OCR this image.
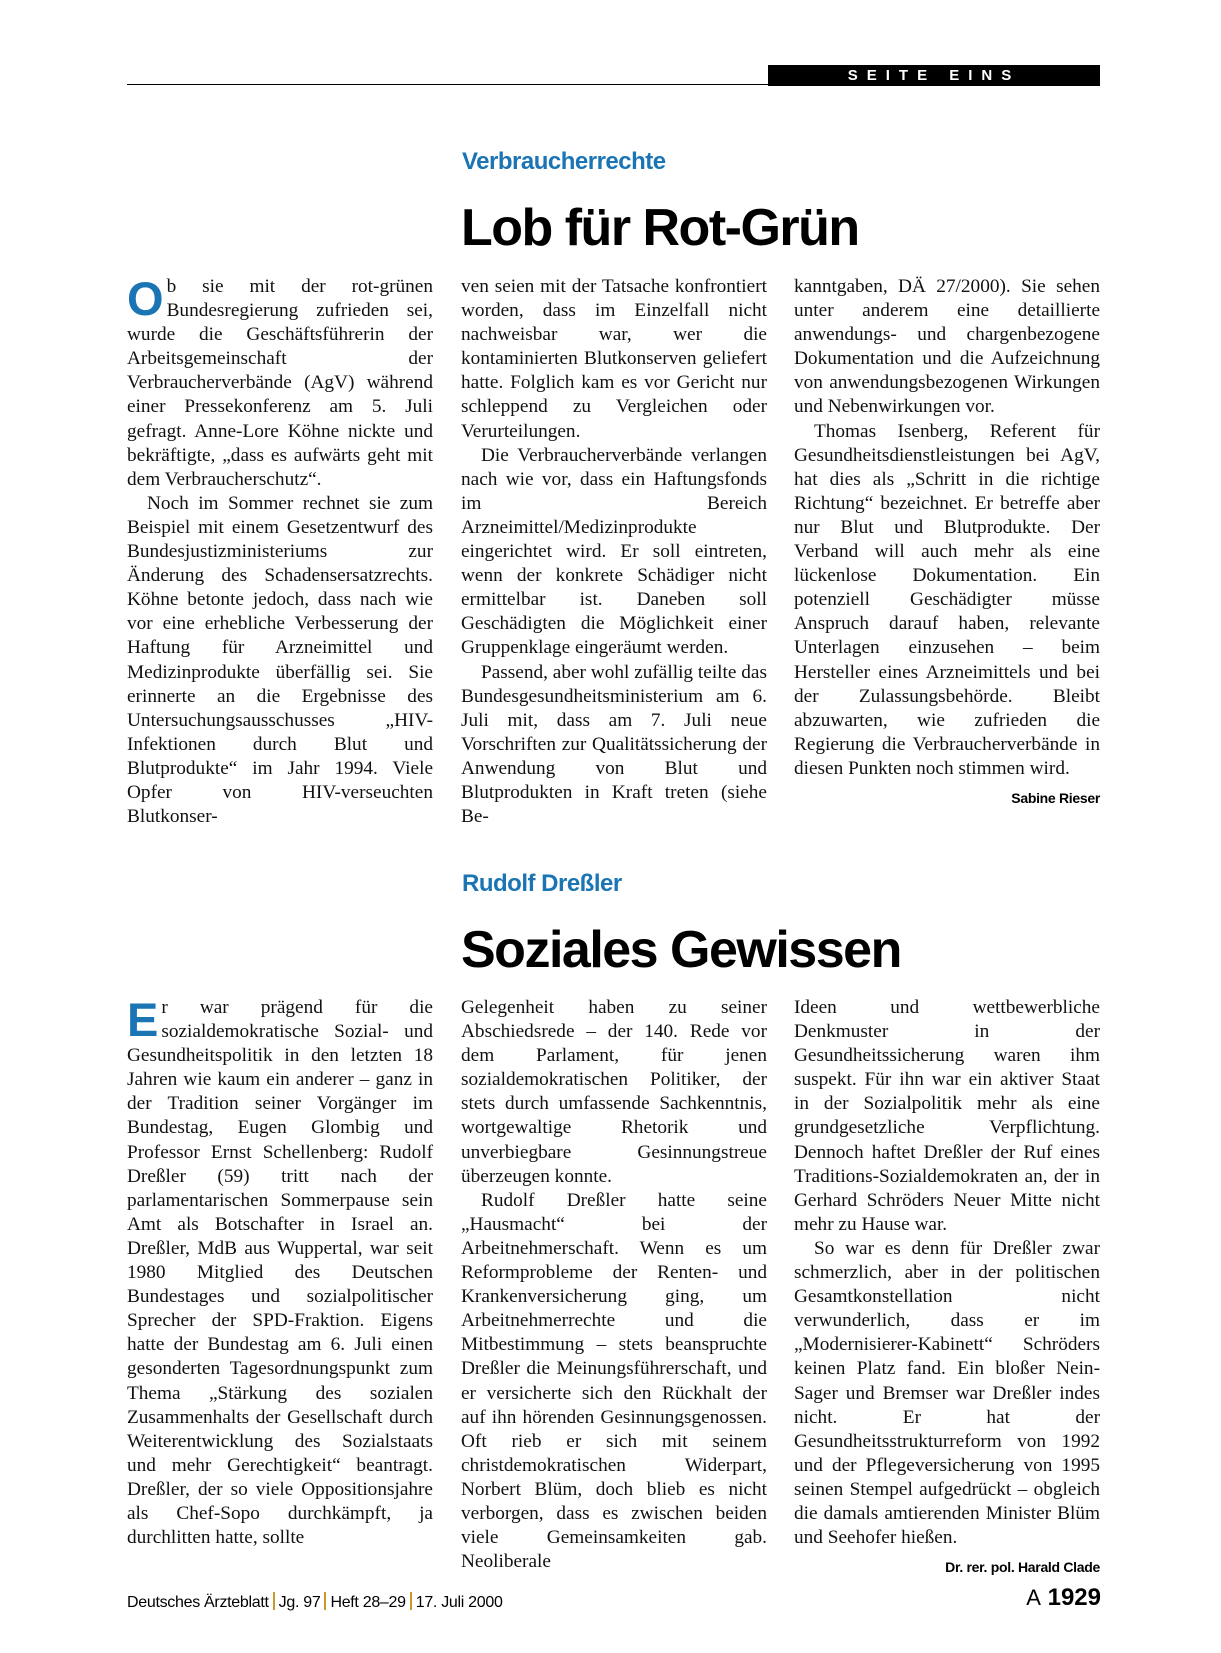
SEITE EINS
Verbraucherrechte
Lob für Rot-Grün

Ob sie mit der rot-grünen Bundesregierung zufrieden sei, wurde die Geschäftsführerin der Arbeitsgemeinschaft der Verbraucherverbände (AgV) während einer Pressekonferenz am 5. Juli gefragt. Anne-Lore Köhne nickte und bekräftigte, „dass es aufwärts geht mit dem Verbraucherschutz“.

Noch im Sommer rechnet sie zum Beispiel mit einem Gesetzentwurf des Bundesjustizministeriums zur Änderung des Schadensersatzrechts. Köhne betonte jedoch, dass nach wie vor eine erhebliche Verbesserung der Haftung für Arzneimittel und Medizinprodukte überfällig sei. Sie erinnerte an die Ergebnisse des Untersuchungsausschusses „HIV-Infektionen durch Blut und Blutprodukte“ im Jahr 1994. Viele Opfer von HIV-verseuchten Blutkonser-

ven seien mit der Tatsache konfrontiert worden, dass im Einzelfall nicht nachweisbar war, wer die kontaminierten Blutkonserven geliefert hatte. Folglich kam es vor Gericht nur schleppend zu Vergleichen oder Verurteilungen.

Die Verbraucherverbände verlangen nach wie vor, dass ein Haftungsfonds im Bereich Arzneimittel/Medizinprodukte eingerichtet wird. Er soll eintreten, wenn der konkrete Schädiger nicht ermittelbar ist. Daneben soll Geschädigten die Möglichkeit einer Gruppenklage eingeräumt werden.

Passend, aber wohl zufällig teilte das Bundesgesundheitsministerium am 6. Juli mit, dass am 7. Juli neue Vorschriften zur Qualitätssicherung der Anwendung von Blut und Blutprodukten in Kraft treten (siehe Be-

kanntgaben, DÄ 27/2000). Sie sehen unter anderem eine detaillierte anwendungs- und chargenbezogene Dokumentation und die Aufzeichnung von anwendungsbezogenen Wirkungen und Nebenwirkungen vor.

Thomas Isenberg, Referent für Gesundheitsdienstleistungen bei AgV, hat dies als „Schritt in die richtige Richtung“ bezeichnet. Er betreffe aber nur Blut und Blutprodukte. Der Verband will auch mehr als eine lückenlose Dokumentation. Ein potenziell Geschädigter müsse Anspruch darauf haben, relevante Unterlagen einzusehen – beim Hersteller eines Arzneimittels und bei der Zulassungsbehörde. Bleibt abzuwarten, wie zufrieden die Regierung die Verbraucherverbände in diesen Punkten noch stimmen wird.
Sabine Rieser

Rudolf Dreßler
Soziales Gewissen

Er war prägend für die sozialdemokratische Sozial- und Gesundheitspolitik in den letzten 18 Jahren wie kaum ein anderer – ganz in der Tradition seiner Vorgänger im Bundestag, Eugen Glombig und Professor Ernst Schellenberg: Rudolf Dreßler (59) tritt nach der parlamentarischen Sommerpause sein Amt als Botschafter in Israel an. Dreßler, MdB aus Wuppertal, war seit 1980 Mitglied des Deutschen Bundestages und sozialpolitischer Sprecher der SPD-Fraktion. Eigens hatte der Bundestag am 6. Juli einen gesonderten Tagesordnungspunkt zum Thema „Stärkung des sozialen Zusammenhalts der Gesellschaft durch Weiterentwicklung des Sozialstaats und mehr Gerechtigkeit“ beantragt. Dreßler, der so viele Oppositionsjahre als Chef-Sopo durchkämpft, ja durchlitten hatte, sollte

Gelegenheit haben zu seiner Abschiedsrede – der 140. Rede vor dem Parlament, für jenen sozialdemokratischen Politiker, der stets durch umfassende Sachkenntnis, wortgewaltige Rhetorik und unverbiegbare Gesinnungstreue überzeugen konnte.

Rudolf Dreßler hatte seine „Hausmacht“ bei der Arbeitnehmerschaft. Wenn es um Reformprobleme der Renten- und Krankenversicherung ging, um Arbeitnehmerrechte und die Mitbestimmung – stets beanspruchte Dreßler die Meinungsführerschaft, und er versicherte sich den Rückhalt der auf ihn hörenden Gesinnungsgenossen. Oft rieb er sich mit seinem christdemokratischen Widerpart, Norbert Blüm, doch blieb es nicht verborgen, dass es zwischen beiden viele Gemeinsamkeiten gab. Neoliberale

Ideen und wettbewerbliche Denkmuster in der Gesundheitssicherung waren ihm suspekt. Für ihn war ein aktiver Staat in der Sozialpolitik mehr als eine grundgesetzliche Verpflichtung. Dennoch haftet Dreßler der Ruf eines Traditions-Sozialdemokraten an, der in Gerhard Schröders Neuer Mitte nicht mehr zu Hause war.

So war es denn für Dreßler zwar schmerzlich, aber in der politischen Gesamtkonstellation nicht verwunderlich, dass er im „Modernisierer-Kabinett“ Schröders keinen Platz fand. Ein bloßer Nein-Sager und Bremser war Dreßler indes nicht. Er hat der Gesundheitsstrukturreform von 1992 und der Pflegeversicherung von 1995 seinen Stempel aufgedrückt – obgleich die damals amtierenden Minister Blüm und Seehofer hießen.
Dr. rer. pol. Harald Clade

Deutsches Ärzteblatt Jg. 97 Heft 28–29 17. Juli 2000	A 1929
